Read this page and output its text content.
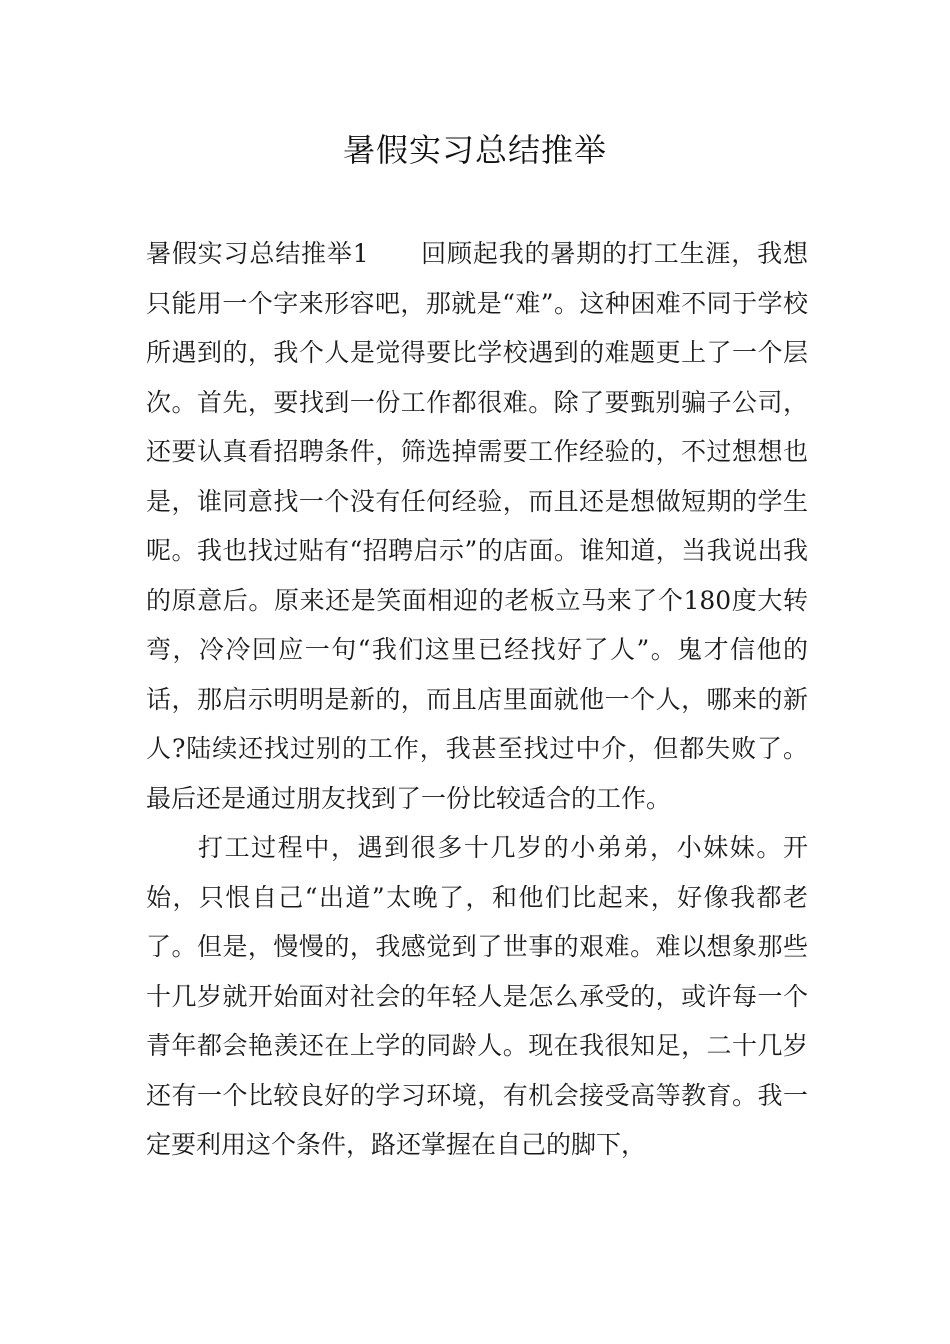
暑假实习总结推举

暑假实习总结推举1　　回顾起我的暑期的打工生涯，我想只能用一个字来形容吧，那就是“难”。这种困难不同于学校所遇到的，我个人是觉得要比学校遇到的难题更上了一个层次。首先，要找到一份工作都很难。除了要甄别骗子公司，还要认真看招聘条件，筛选掉需要工作经验的，不过想想也是，谁同意找一个没有任何经验，而且还是想做短期的学生呢。我也找过贴有“招聘启示”的店面。谁知道，当我说出我的原意后。原来还是笑面相迎的老板立马来了个180度大转弯，冷冷回应一句“我们这里已经找好了人”。鬼才信他的话，那启示明明是新的，而且店里面就他一个人，哪来的新人?陆续还找过别的工作，我甚至找过中介，但都失败了。最后还是通过朋友找到了一份比较适合的工作。

打工过程中，遇到很多十几岁的小弟弟，小妹妹。开始，只恨自己“出道”太晚了，和他们比起来，好像我都老了。但是，慢慢的，我感觉到了世事的艰难。难以想象那些十几岁就开始面对社会的年轻人是怎么承受的，或许每一个青年都会艳羡还在上学的同龄人。现在我很知足，二十几岁还有一个比较良好的学习环境，有机会接受高等教育。我一定要利用这个条件，路还掌握在自己的脚下，
